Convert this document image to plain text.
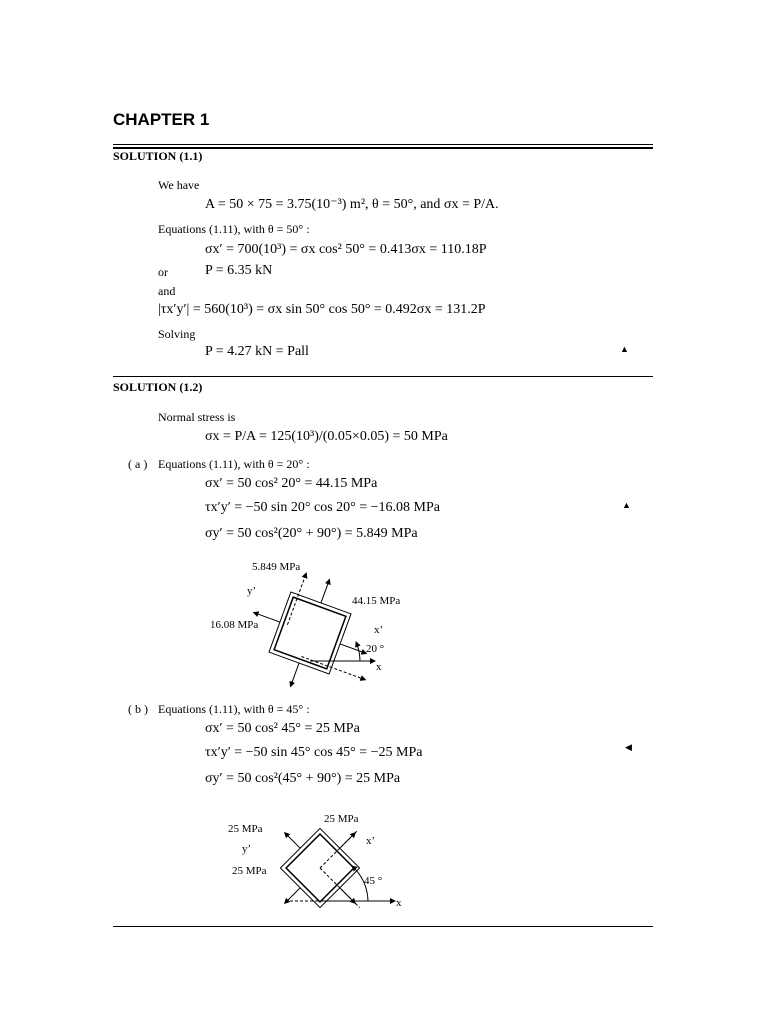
CHAPTER 1
SOLUTION (1.1)
We have
A = 50 × 75 = 3.75(10⁻³) m², θ = 50°, and σx = P/A.
Equations (1.11), with θ = 50° :
σx′ = 700(10³) = σx cos² 50° = 0.413σx = 110.18P
or	P = 6.35 kN
and
|τx′y′| = 560(10³) = σx sin 50° cos 50° = 0.492σx = 131.2P
Solving
P = 4.27 kN = Pall	▲
SOLUTION (1.2)
Normal stress is
σx = P/A = 125(10³)/(0.05×0.05) = 50 MPa
( a ) Equations (1.11), with θ = 20° :
σx′ = 50 cos² 20° = 44.15 MPa
τx′y′ = −50 sin 20° cos 20° = −16.08 MPa	▲
σy′ = 50 cos²(20° + 90°) = 5.849 MPa
5.849 MPa
y’
44.15 MPa
16.08 MPa	x’
20 °
x
( b ) Equations (1.11), with θ = 45° :
σx′ = 50 cos² 45° = 25 MPa
τx′y′ = −50 sin 45° cos 45° = −25 MPa	◀
σy′ = 50 cos²(45° + 90°) = 25 MPa
25 MPa
25 MPa
y’
x’
25 MPa
45 °
x
